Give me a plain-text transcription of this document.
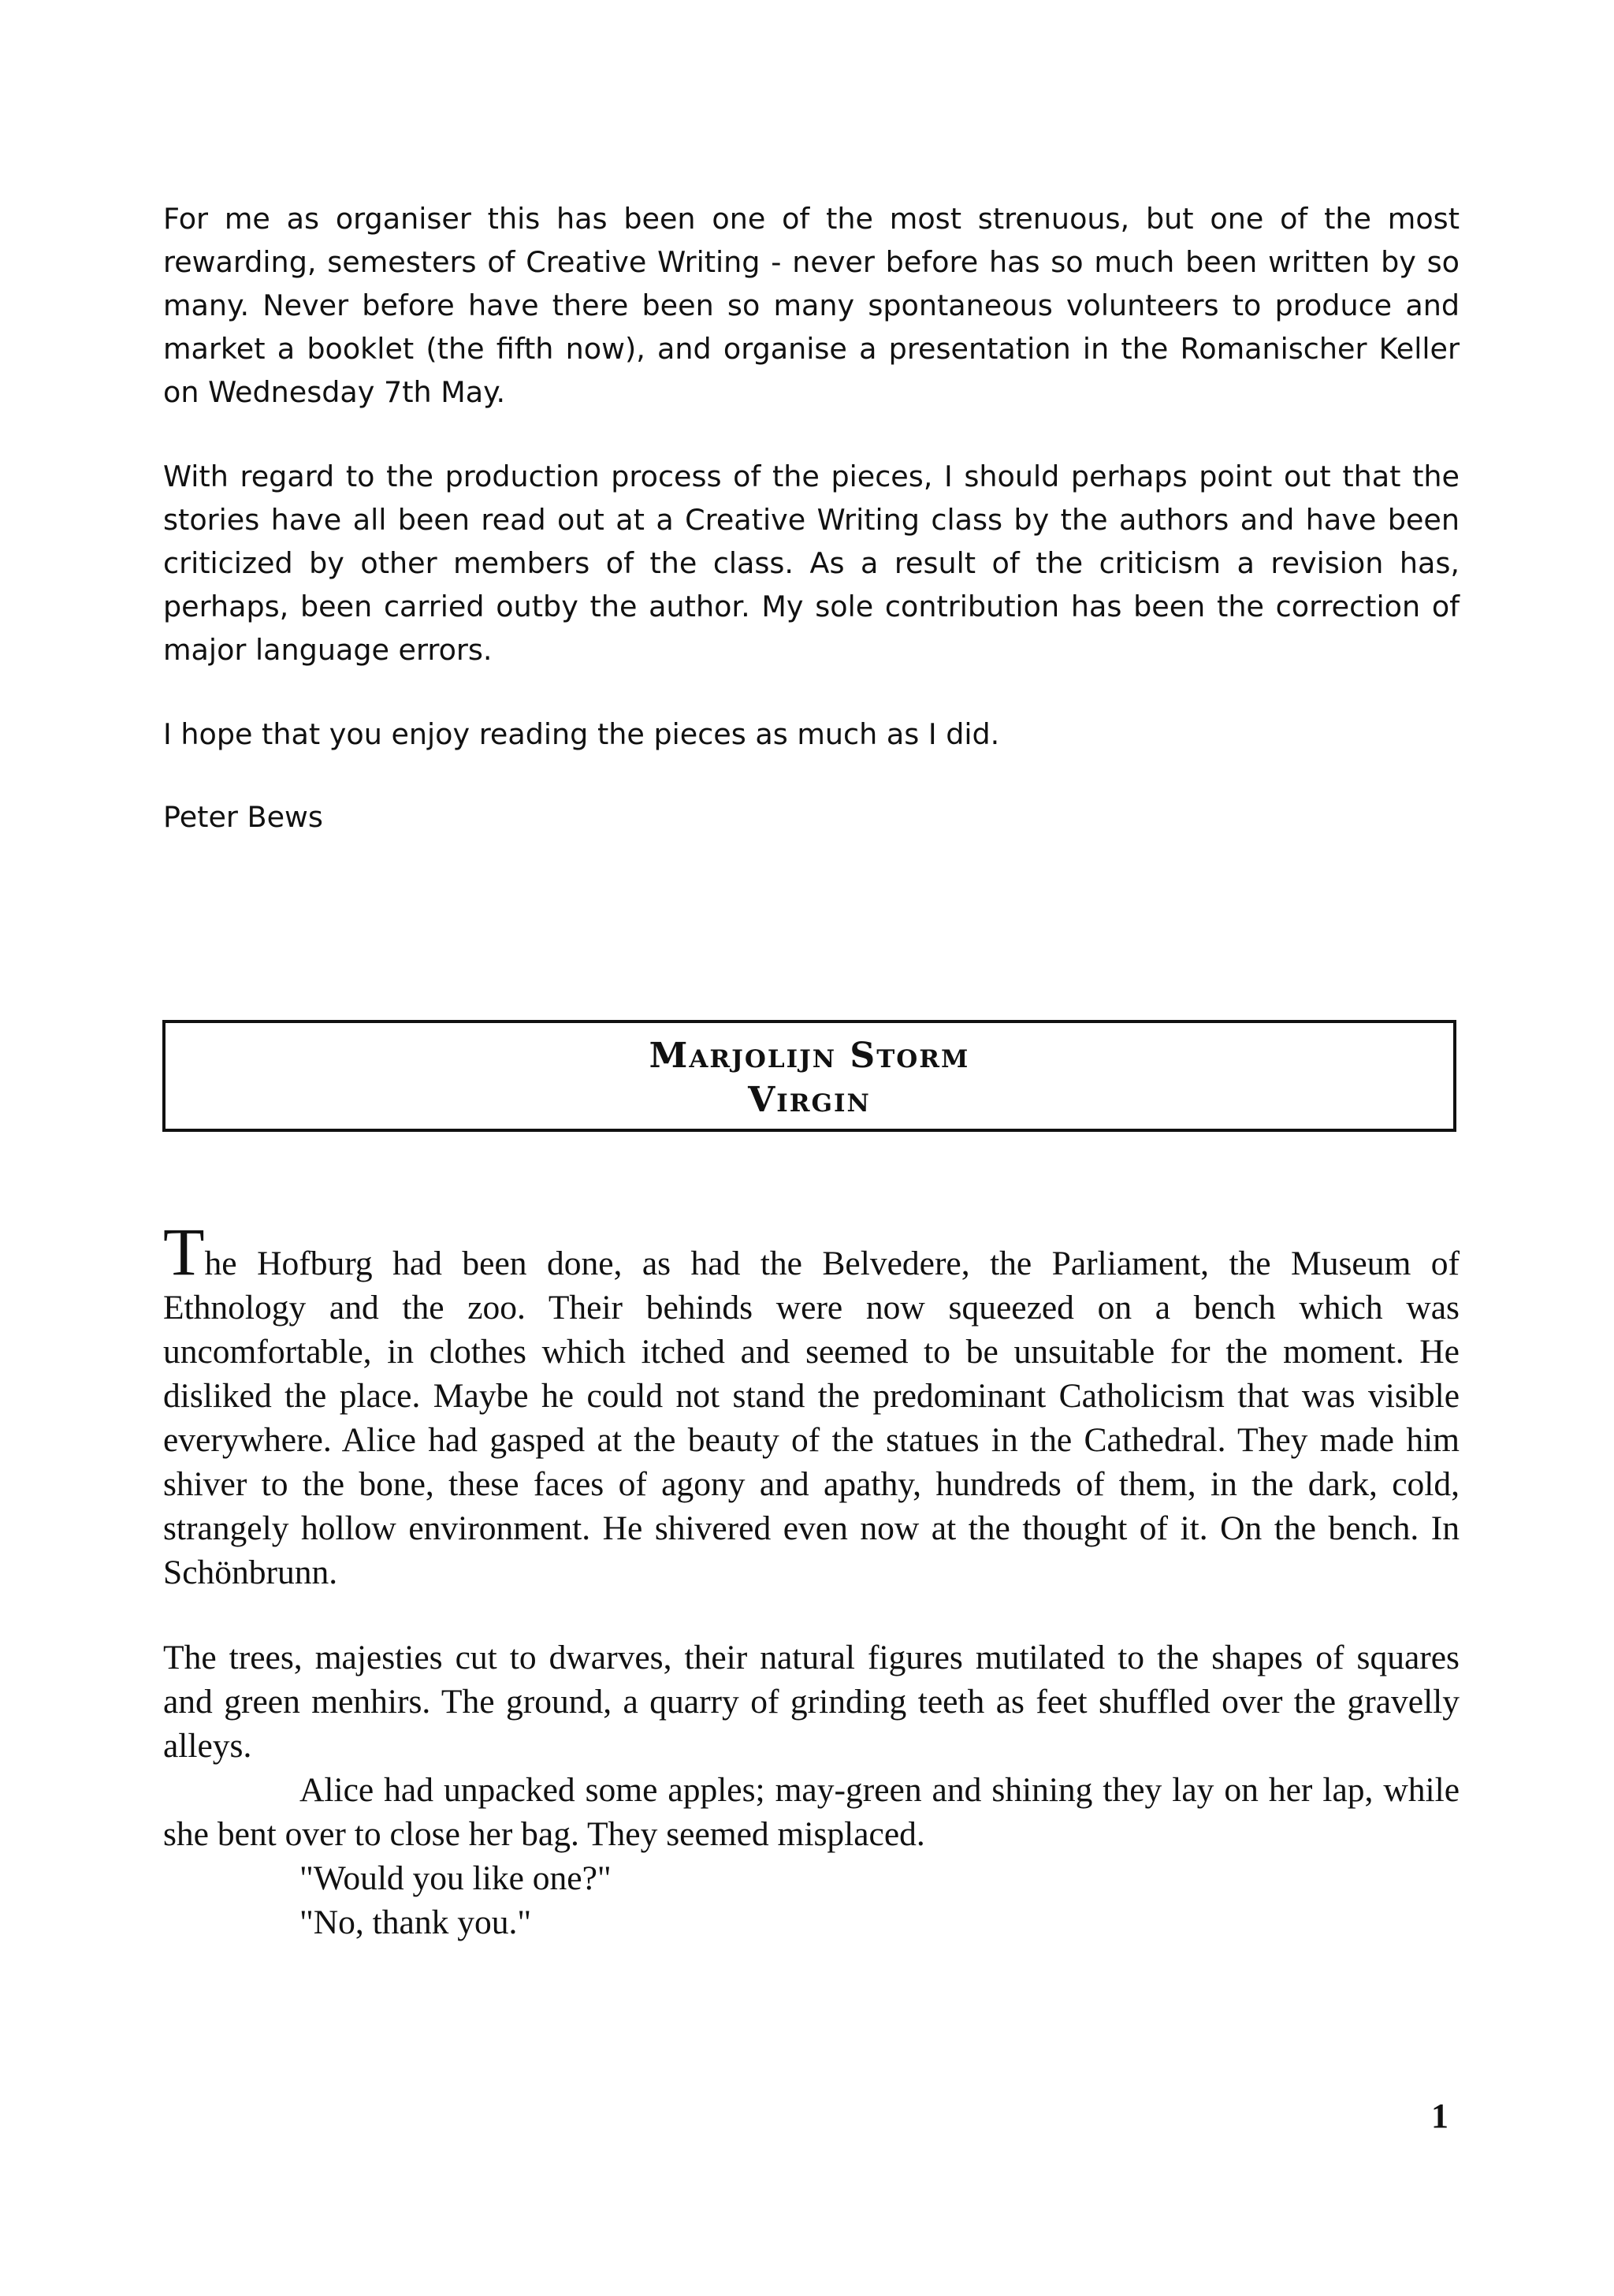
For me as organiser this has been one of the most strenuous, but one of the most rewarding, semesters of Creative Writing - never before has so much been written by so many. Never before have there been so many spontaneous volunteers to produce and market a booklet (the fifth now), and organise a presentation in the Romanischer Keller on Wednesday 7th May.

With regard to the production process of the pieces, I should perhaps point out that the stories have all been read out at a Creative Writing class by the authors and have been criticized by other members of the class. As a result of the criticism a revision has, perhaps, been carried outby the author. My sole contribution has been the correction of major language errors.

I hope that you enjoy reading the pieces as much as I did.

Peter Bews

Marjolijn Storm
Virgin

The Hofburg had been done, as had the Belvedere, the Parliament, the Museum of Ethnology and the zoo. Their behinds were now squeezed on a bench which was uncomfortable, in clothes which itched and seemed to be unsuitable for the moment. He disliked the place. Maybe he could not stand the predominant Catholicism that was visible everywhere. Alice had gasped at the beauty of the statues in the Cathedral. They made him shiver to the bone, these faces of agony and apathy, hundreds of them, in the dark, cold, strangely hollow environment. He shivered even now at the thought of it. On the bench. In Schönbrunn.

The trees, majesties cut to dwarves, their natural figures mutilated to the shapes of squares and green menhirs. The ground, a quarry of grinding teeth as feet shuffled over the gravelly alleys.

Alice had unpacked some apples; may-green and shining they lay on her lap, while she bent over to close her bag. They seemed misplaced.

"Would you like one?"

"No, thank you."

1
